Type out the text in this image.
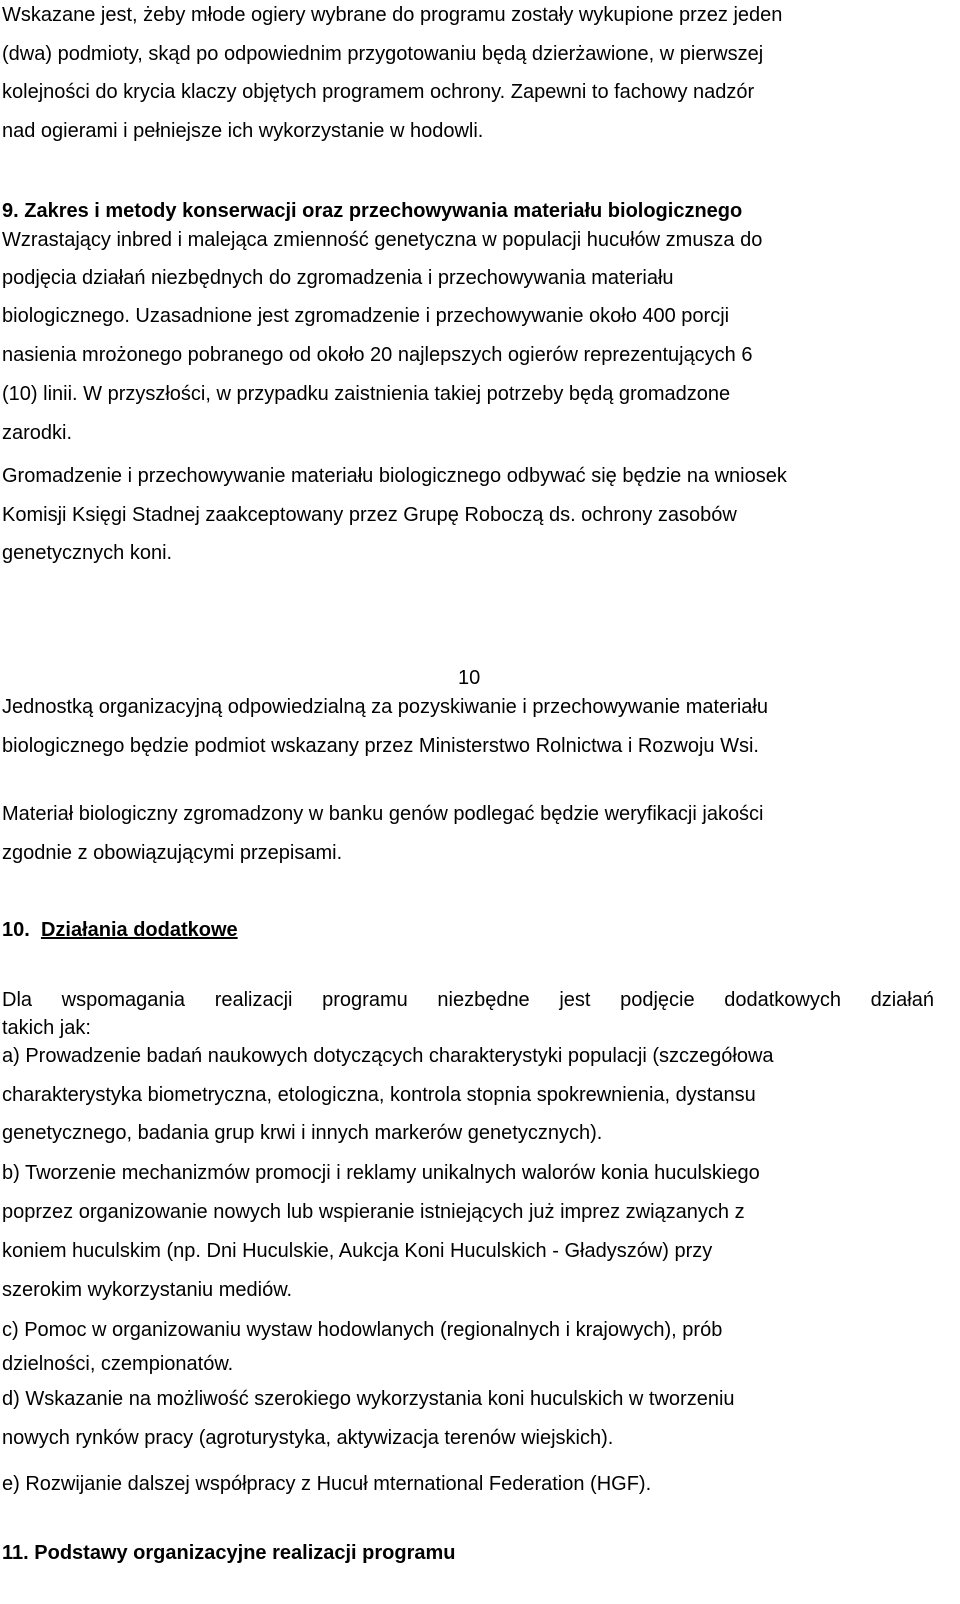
Wskazane jest, żeby młode ogiery wybrane do programu zostały wykupione przez jeden
(dwa) podmioty, skąd po odpowiednim przygotowaniu będą dzierżawione, w pierwszej
kolejności do krycia klaczy objętych programem ochrony. Zapewni to fachowy nadzór
nad ogierami i pełniejsze ich wykorzystanie w hodowli.
9. Zakres i metody konserwacji oraz przechowywania materiału biologicznego
Wzrastający inbred i malejąca zmienność genetyczna w populacji hucułów zmusza do
podjęcia działań niezbędnych do zgromadzenia i przechowywania materiału
biologicznego. Uzasadnione jest zgromadzenie i przechowywanie około 400 porcji
nasienia mrożonego pobranego od około 20 najlepszych ogierów reprezentujących 6
(10) linii. W przyszłości, w przypadku zaistnienia takiej potrzeby będą gromadzone
zarodki.
Gromadzenie i przechowywanie materiału biologicznego odbywać się będzie na wniosek
Komisji Księgi Stadnej zaakceptowany przez Grupę Roboczą ds. ochrony zasobów
genetycznych koni.
10
Jednostką organizacyjną odpowiedzialną za pozyskiwanie i przechowywanie materiału
biologicznego będzie podmiot wskazany przez Ministerstwo Rolnictwa i Rozwoju Wsi.
Materiał biologiczny zgromadzony w banku genów podlegać będzie weryfikacji jakości
zgodnie z obowiązującymi przepisami.
10. Działania dodatkowe
Dla wspomagania realizacji programu niezbędne jest podjęcie dodatkowych działań
takich jak:
a) Prowadzenie badań naukowych dotyczących charakterystyki populacji (szczegółowa
charakterystyka biometryczna, etologiczna, kontrola stopnia spokrewnienia, dystansu
genetycznego, badania grup krwi i innych markerów genetycznych).
b) Tworzenie mechanizmów promocji i reklamy unikalnych walorów konia huculskiego
poprzez organizowanie nowych lub wspieranie istniejących już imprez związanych z
koniem huculskim (np. Dni Huculskie, Aukcja Koni Huculskich - Gładyszów) przy
szerokim wykorzystaniu mediów.
c) Pomoc w organizowaniu wystaw hodowlanych (regionalnych i krajowych), prób
dzielności, czempionatów.
d) Wskazanie na możliwość szerokiego wykorzystania koni huculskich w tworzeniu
nowych rynków pracy (agroturystyka, aktywizacja terenów wiejskich).
e) Rozwijanie dalszej współpracy z Hucuł mternational Federation (HGF).
11. Podstawy organizacyjne realizacji programu
